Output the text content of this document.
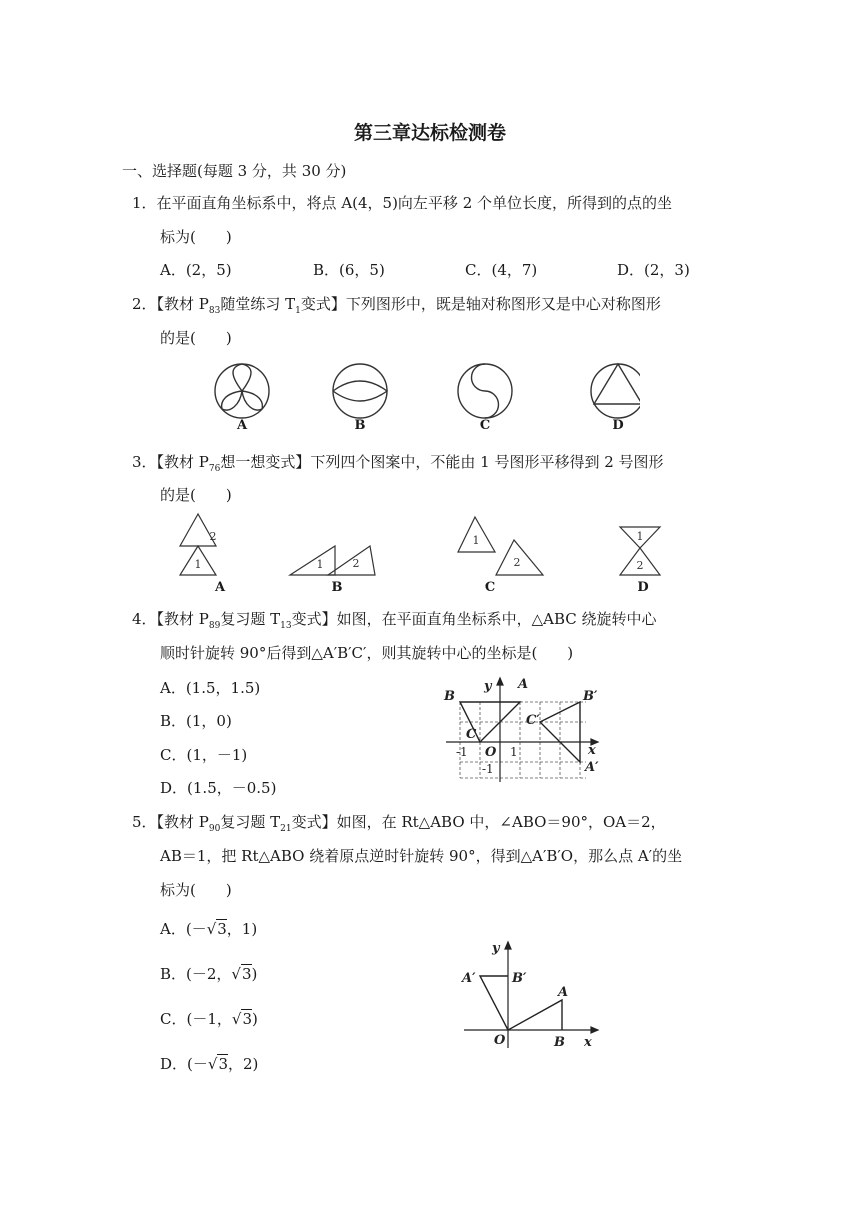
第三章达标检测卷
一、选择题(每题 3 分，共 30 分)
1．在平面直角坐标系中，将点 A(4，5)向左平移 2 个单位长度，所得到的点的坐
标为(　　)
A．(2，5)	B．(6，5)	C．(4，7)	D．(2，3)
2．【教材 $P_{83}$随堂练习 $T_1$变式】下列图形中，既是轴对称图形又是中心对称图形
的是(　　)
A	B	C	D
3．【教材 $P_{76}$想一想变式】下列四个图案中，不能由 1 号图形平移得到 2 号图形
的是(　　)
1
2
1	2
1
2
1
2
A	B	C	D
4．【教材 $P_{89}$复习题 $T_{13}$变式】如图，在平面直角坐标系中，△ABC 绕旋转中心
顺时针旋转 90°后得到△A′B′C′，则其旋转中心的坐标是(　　)
A．(1.5，1.5)
B．(1，0)
C．(1，－1)
D．(1.5，－0.5)
B
y A
B′
C′
C
x
A′
O
-1	1
-1
5．【教材 $P_{90}$复习题 $T_{21}$变式】如图，在 Rt△ABO 中，∠ABO＝90°，OA＝2，
AB＝1，把 Rt△ABO 绕着原点逆时针旋转 90°，得到△A′B′O，那么点 A′的坐
标为(　　)
A．(－√3，1)
B．(－2，√3)
C．(－1，√3)
D．(－√3，2)
y
A′	B′
A
O	B x
